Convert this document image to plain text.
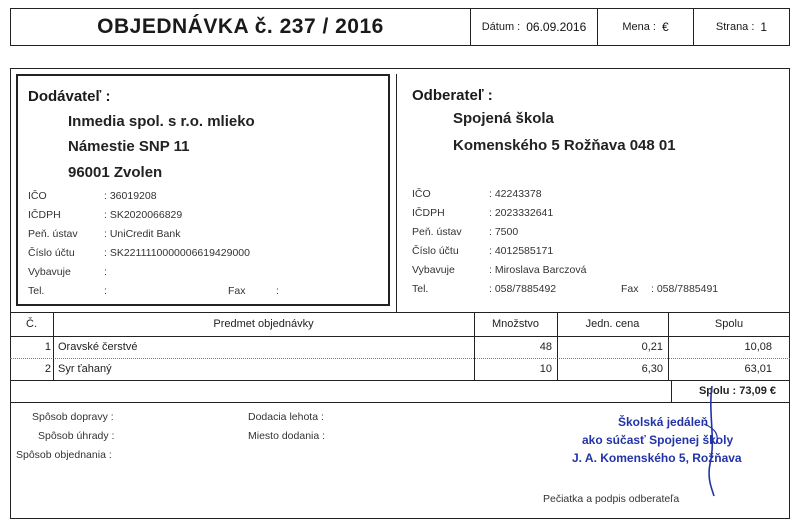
OBJEDNÁVKA č. 237 / 2016	Dátum : 06.09.2016	Mena : €	Strana : 1
Dodávateľ :
Inmedia spol. s r.o. mlieko
Námestie SNP 11
96001 Zvolen
IČO	: 36019208
IČDPH	: SK2020066829
Peň. ústav	: UniCredit Bank
Číslo účtu	: SK2211110000006619429000
Vybavuje	:
Tel.	:	Fax	:
Odberateľ :
Spojená škola
Komenského 5 Rožňava 048 01
IČO	: 42243378
IČDPH	: 2023332641
Peň. ústav	: 7500
Číslo účtu	: 4012585171
Vybavuje	: Miroslava Barczová
Tel.	: 058/7885492	Fax : 058/7885491
Č.	Predmet objednávky	Množstvo	Jedn. cena	Spolu
1 Oravské čerstvé	48	0,21	10,08
2 Syr ťahaný	10	6,30	63,01
Spolu : 73,09 €
Spôsob dopravy :
Spôsob úhrady :
Spôsob objednania :
Dodacia lehota :
Miesto dodania :
Školská jedáleň
ako súčasť Spojenej školy
J. A. Komenského 5, Rožňava
Pečiatka a podpis odberateľa
